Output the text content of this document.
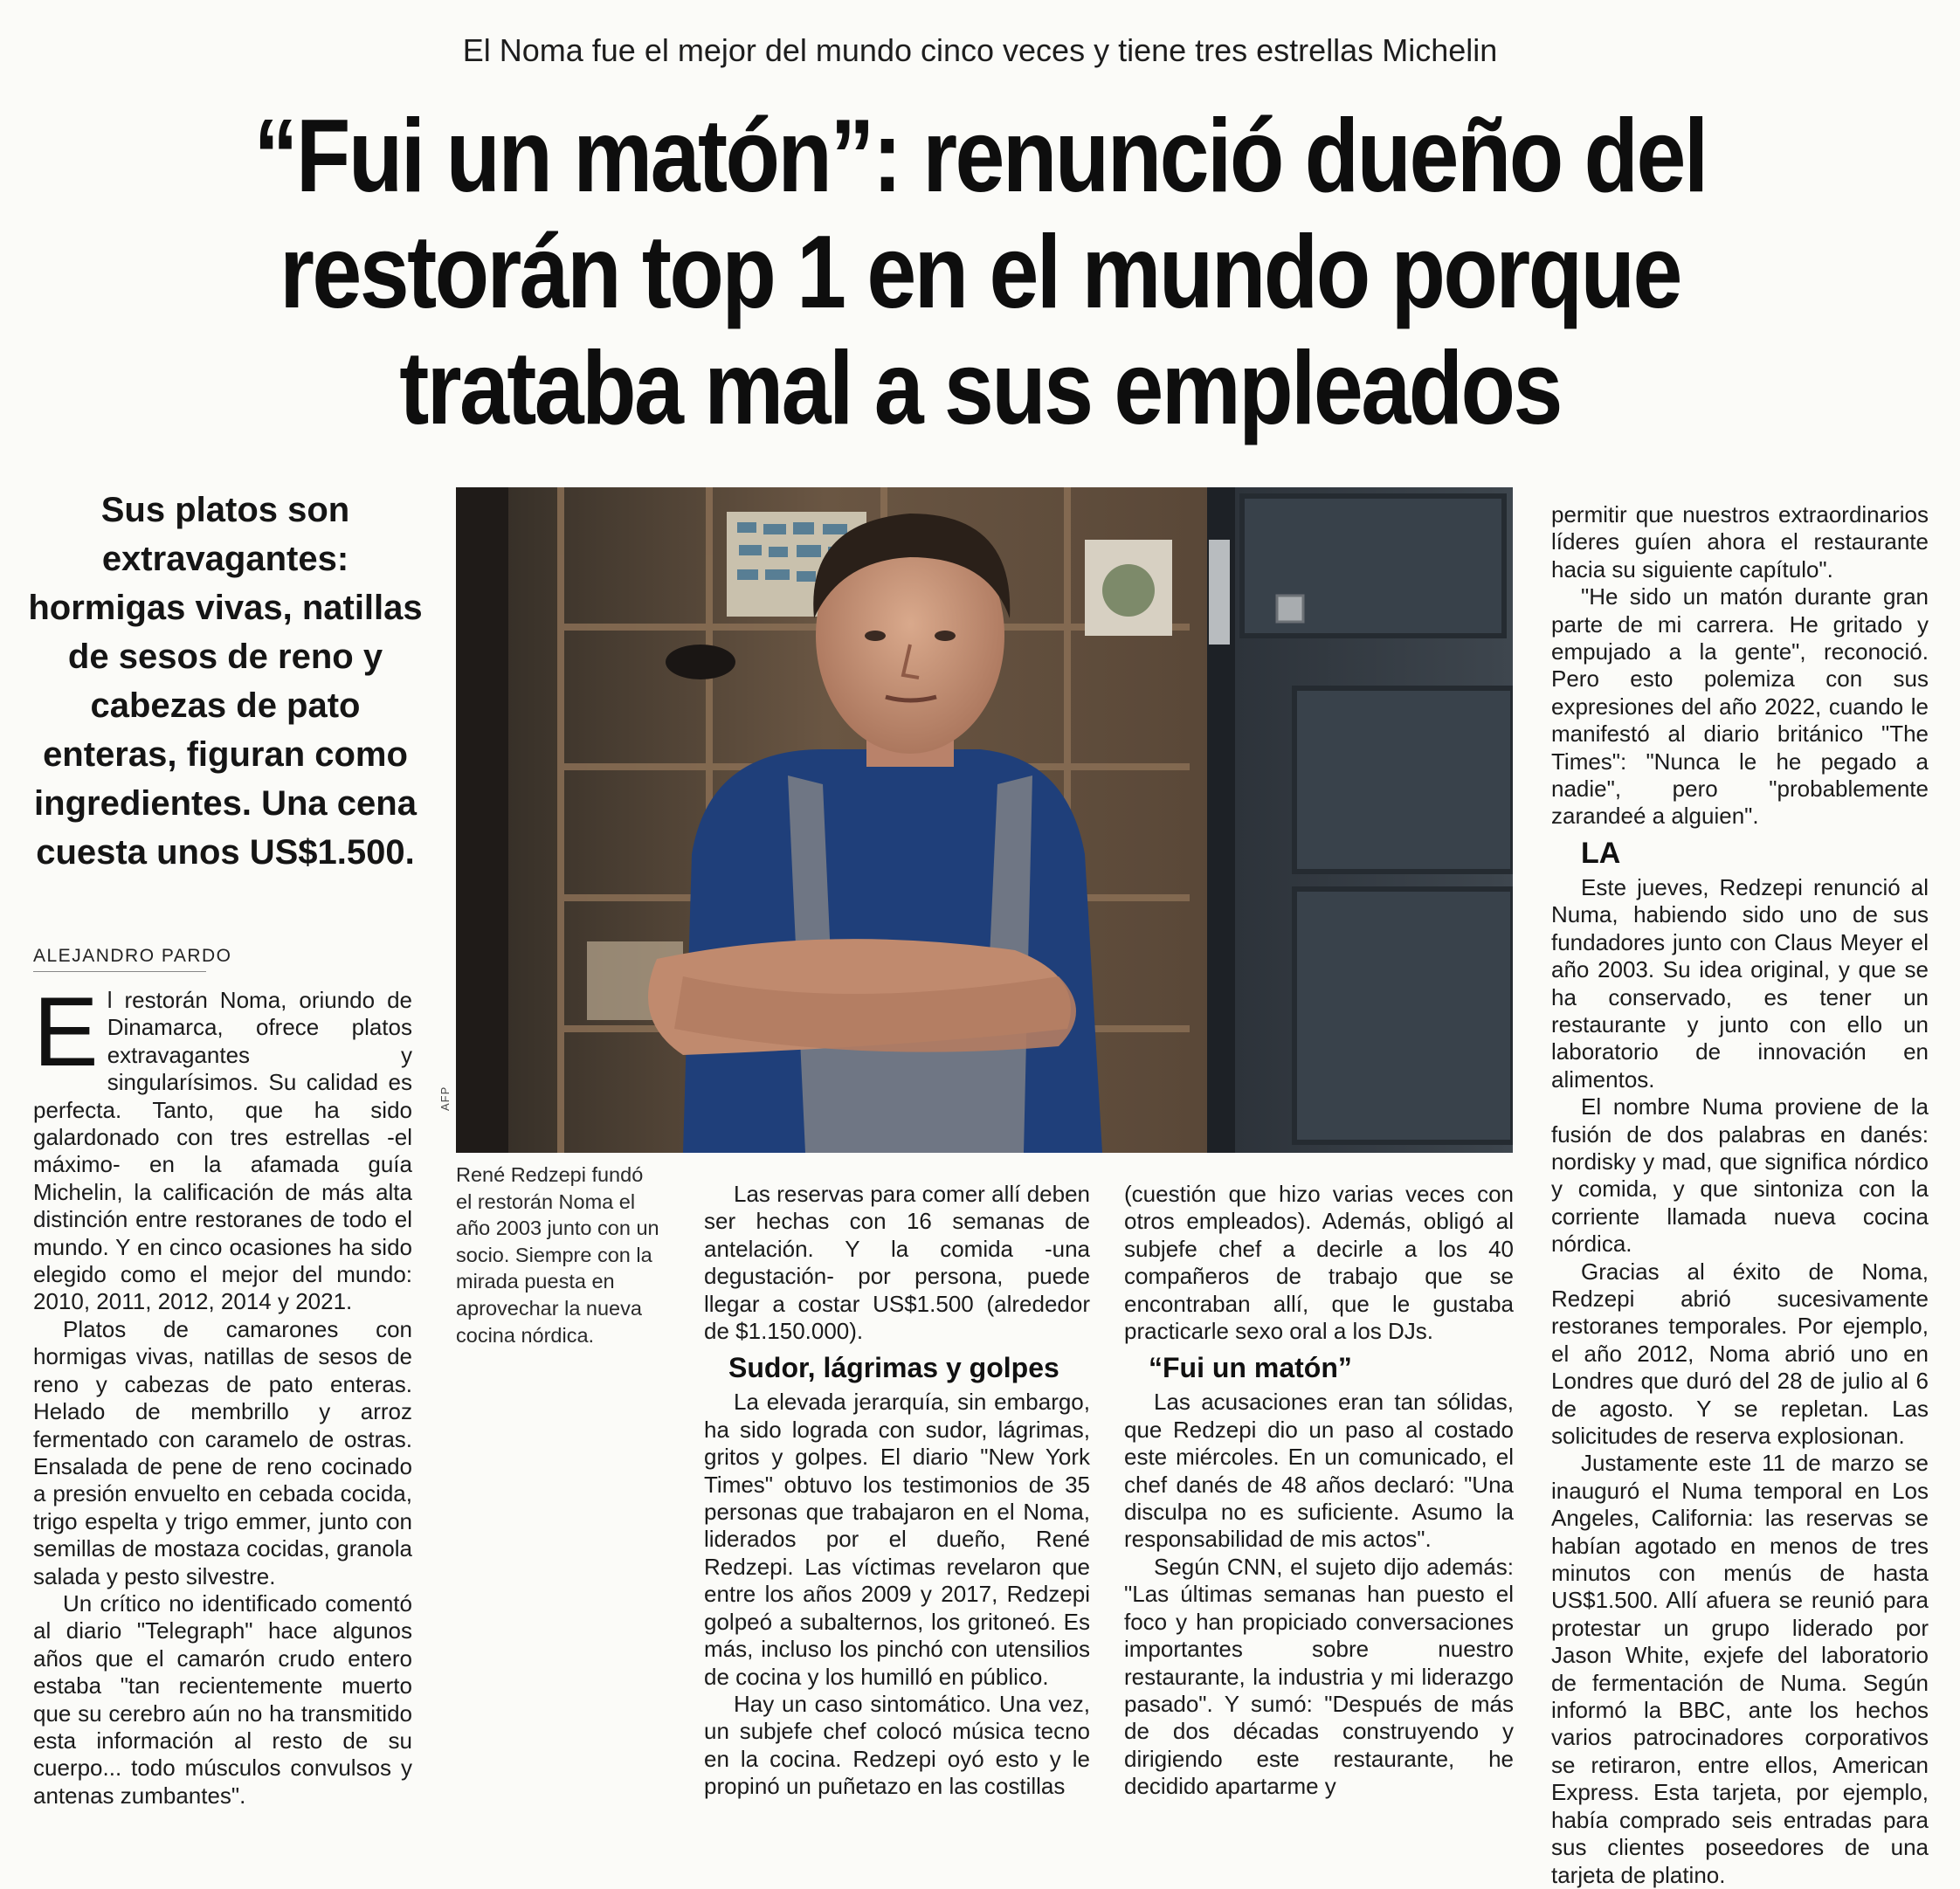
El Noma fue el mejor del mundo cinco veces y tiene tres estrellas Michelin
“Fui un matón”: renunció dueño del
restorán top 1 en el mundo porque
trataba mal a sus empleados
Sus platos son extravagantes: hormigas vivas, natillas de sesos de reno y cabezas de pato enteras, figuran como ingredientes. Una cena cuesta unos US$1.500.
ALEJANDRO PARDO

El restorán Noma, oriundo de Dinamarca, ofrece platos extravagantes y singularísimos. Su calidad es perfecta. Tanto, que ha sido galardonado con tres estrellas -el máximo- en la afamada guía Michelin, la calificación de más alta distinción entre restoranes de todo el mundo. Y en cinco ocasiones ha sido elegido como el mejor del mundo: 2010, 2011, 2012, 2014 y 2021.

Platos de camarones con hormigas vivas, natillas de sesos de reno y cabezas de pato enteras. Helado de membrillo y arroz fermentado con caramelo de ostras. Ensalada de pene de reno cocinado a presión envuelto en cebada cocida, trigo espelta y trigo emmer, junto con semillas de mostaza cocidas, granola salada y pesto silvestre.

Un crítico no identificado comentó al diario "Telegraph" hace algunos años que el camarón crudo entero estaba "tan recientemente muerto que su cerebro aún no ha transmitido esta información al resto de su cuerpo... todo músculos convulsos y antenas zumbantes".

AFP
René Redzepi fundó el restorán Noma el año 2003 junto con un socio. Siempre con la mirada puesta en aprovechar la nueva cocina nórdica.

Las reservas para comer allí deben ser hechas con 16 semanas de antelación. Y la comida -una degustación- por persona, puede llegar a costar US$1.500 (alrededor de $1.150.000).

Sudor, lágrimas y golpes

La elevada jerarquía, sin embargo, ha sido lograda con sudor, lágrimas, gritos y golpes. El diario "New York Times" obtuvo los testimonios de 35 personas que trabajaron en el Noma, liderados por el dueño, René Redzepi. Las víctimas revelaron que entre los años 2009 y 2017, Redzepi golpeó a subalternos, los gritoneó. Es más, incluso los pinchó con utensilios de cocina y los humilló en público.

Hay un caso sintomático. Una vez, un subjefe chef colocó música tecno en la cocina. Redzepi oyó esto y le propinó un puñetazo en las costillas

(cuestión que hizo varias veces con otros empleados). Además, obligó al subjefe chef a decirle a los 40 compañeros de trabajo que se encontraban allí, que le gustaba practicarle sexo oral a los DJs.

“Fui un matón”

Las acusaciones eran tan sólidas, que Redzepi dio un paso al costado este miércoles. En un comunicado, el chef danés de 48 años declaró: "Una disculpa no es suficiente. Asumo la responsabilidad de mis actos".

Según CNN, el sujeto dijo además: "Las últimas semanas han puesto el foco y han propiciado conversaciones importantes sobre nuestro restaurante, la industria y mi liderazgo pasado". Y sumó: "Después de más de dos décadas construyendo y dirigiendo este restaurante, he decidido apartarme y

permitir que nuestros extraordinarios líderes guíen ahora el restaurante hacia su siguiente capítulo".

"He sido un matón durante gran parte de mi carrera. He gritado y empujado a la gente", reconoció. Pero esto polemiza con sus expresiones del año 2022, cuando le manifestó al diario británico "The Times": "Nunca le he pegado a nadie", pero "probablemente zarandeé a alguien".

LA

Este jueves, Redzepi renunció al Numa, habiendo sido uno de sus fundadores junto con Claus Meyer el año 2003. Su idea original, y que se ha conservado, es tener un restaurante y junto con ello un laboratorio de innovación en alimentos.

El nombre Numa proviene de la fusión de dos palabras en danés: nordisky y mad, que significa nórdico y comida, y que sintoniza con la corriente llamada nueva cocina nórdica.

Gracias al éxito de Noma, Redzepi abrió sucesivamente restoranes temporales. Por ejemplo, el año 2012, Noma abrió uno en Londres que duró del 28 de julio al 6 de agosto. Y se repletan. Las solicitudes de reserva explosionan.

Justamente este 11 de marzo se inauguró el Numa temporal en Los Angeles, California: las reservas se habían agotado en menos de tres minutos con menús de hasta US$1.500. Allí afuera se reunió para protestar un grupo liderado por Jason White, exjefe del laboratorio de fermentación de Numa. Según informó la BBC, ante los hechos varios patrocinadores corporativos se retiraron, entre ellos, American Express. Esta tarjeta, por ejemplo, había comprado seis entradas para sus clientes poseedores de una tarjeta de platino.
